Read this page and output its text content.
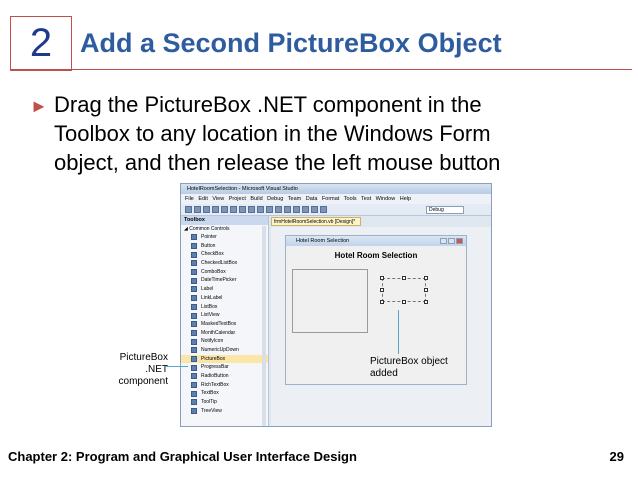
2 Add a Second PictureBox Object
► Drag the PictureBox .NET component in the
Toolbox to any location in the Windows Form
object, and then release the left mouse button
HotelRoomSelection - Microsoft Visual Studio
File Edit View Project Build Debug Team Data Format Tools Test Window Help
Debug
Toolbox
◢ Common Controls
Pointer
Button
CheckBox
CheckedListBox
ComboBox
DateTimePicker
Label
LinkLabel
ListBox
ListView
MaskedTextBox
MonthCalendar
NotifyIcon
NumericUpDown
PictureBox
ProgressBar
RadioButton
RichTextBox
TextBox
ToolTip
TreeView
frmHotelRoomSelection.vb [Design]*
Hotel Room Selection
Hotel Room Selection
PictureBox .NET component
PictureBox object added
Chapter 2: Program and Graphical User Interface Design	29
